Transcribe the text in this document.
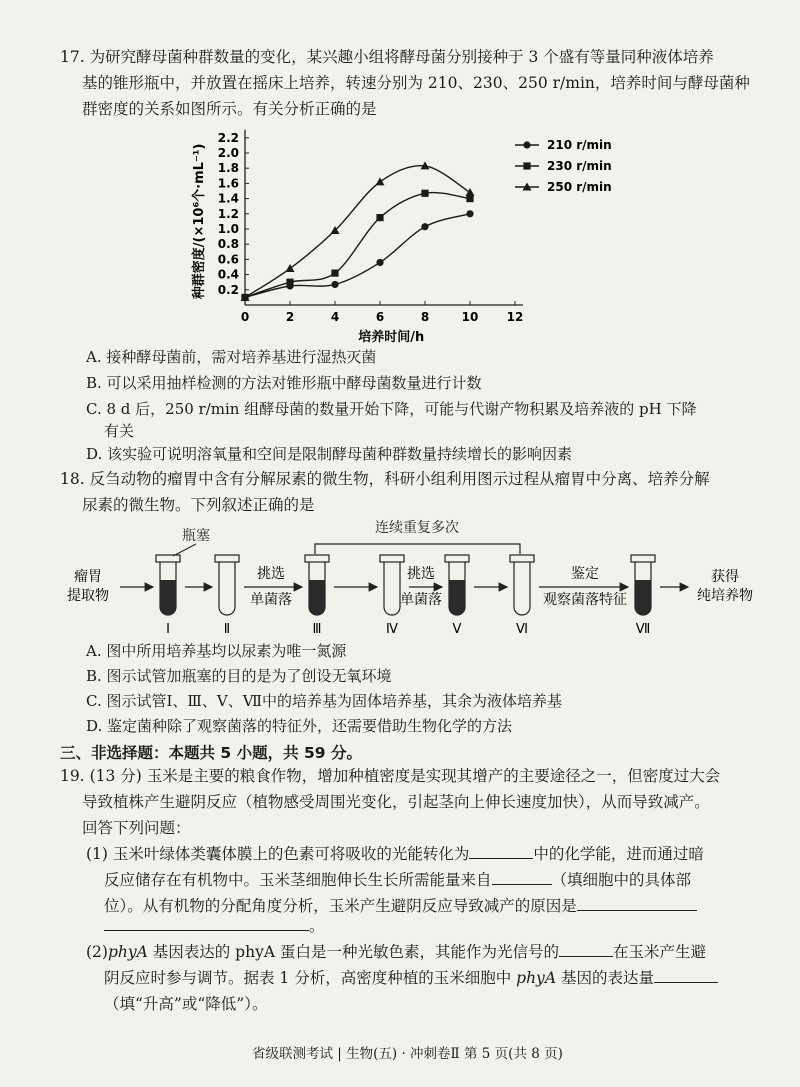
17. 为研究酵母菌种群数量的变化，某兴趣小组将酵母菌分别接种于 3 个盛有等量同种液体培养
基的锥形瓶中，并放置在摇床上培养，转速分别为 210、230、250 r/min，培养时间与酵母菌种
群密度的关系如图所示。有关分析正确的是
0	2	4	6	8	10 12
0.2
0.4
0.6
0.8
1.0
1.2
1.4
1.6
1.8
2.0
2.2
培养时间/h
种群密度/(×10⁶个·mL⁻¹)	210 r/min
230 r/min
250 r/min
A. 接种酵母菌前，需对培养基进行湿热灭菌
B. 可以采用抽样检测的方法对锥形瓶中酵母菌数量进行计数
C. 8 d 后，250 r/min 组酵母菌的数量开始下降，可能与代谢产物积累及培养液的 pH 下降
有关
D. 该实验可说明溶氧量和空间是限制酵母菌种群数量持续增长的影响因素
18. 反刍动物的瘤胃中含有分解尿素的微生物，科研小组利用图示过程从瘤胃中分离、培养分解
尿素的微生物。下列叙述正确的是
连续重复多次
瓶塞
瘤胃
提取物
Ⅰ	Ⅱ
挑选
单菌落
Ⅲ	Ⅳ
挑选
单菌落
Ⅴ	Ⅵ
鉴定
观察菌落特征
Ⅶ
获得
纯培养物
A. 图中所用培养基均以尿素为唯一氮源
B. 图示试管加瓶塞的目的是为了创设无氧环境
C. 图示试管Ⅰ、Ⅲ、Ⅴ、Ⅶ中的培养基为固体培养基，其余为液体培养基
D. 鉴定菌种除了观察菌落的特征外，还需要借助生物化学的方法
三、非选择题：本题共 5 小题，共 59 分。
19. (13 分) 玉米是主要的粮食作物，增加种植密度是实现其增产的主要途径之一，但密度过大会
导致植株产生避阴反应（植物感受周围光变化，引起茎向上伸长速度加快），从而导致减产。
回答下列问题：
(1) 玉米叶绿体类囊体膜上的色素可将吸收的光能转化为	中的化学能，进而通过暗
反应储存在有机物中。玉米茎细胞伸长生长所需能量来自	（填细胞中的具体部
位）。从有机物的分配角度分析，玉米产生避阴反应导致减产的原因是
。
(2)phyA 基因表达的 phyA 蛋白是一种光敏色素，其能作为光信号的	在玉米产生避
阴反应时参与调节。据表 1 分析，高密度种植的玉米细胞中 phyA 基因的表达量
（填“升高”或“降低”）。
省级联测考试 | 生物(五) · 冲刺卷Ⅱ 第 5 页(共 8 页)
